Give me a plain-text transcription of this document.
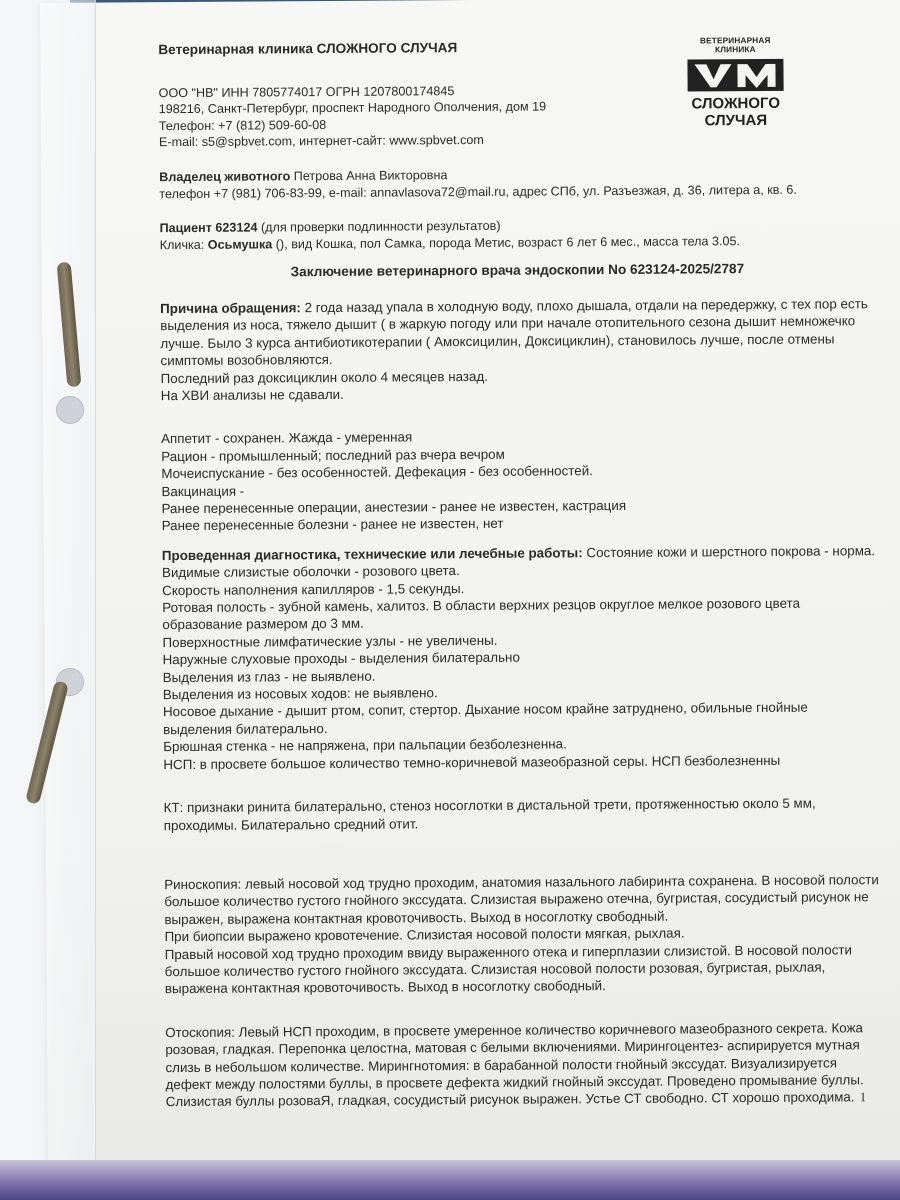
ВЕТЕРИНАРНАЯ КЛИНИКА
СЛОЖНОГО
СЛУЧАЯ

Ветеринарная клиника СЛОЖНОГО СЛУЧАЯ

ООО "НВ" ИНН 7805774017 ОГРН 1207800174845

198216, Санкт-Петербург, проспект Народного Ополчения, дом 19

Телефон: +7 (812) 509-60-08

E-mail: s5@spbvet.com, интернет-сайт: www.spbvet.com

Владелец животного Петрова Анна Викторовна

телефон +7 (981) 706-83-99, e-mail: annavlasova72@mail.ru, адрес СПб, ул. Разъезжая, д. 36, литера а, кв. 6.

Пациент 623124 (для проверки подлинности результатов)

Кличка: Осьмушка (), вид Кошка, пол Самка, порода Метис, возраст 6 лет 6 мес., масса тела 3.05.

Заключение ветеринарного врача эндоскопии No 623124-2025/2787

Причина обращения: 2 года назад упала в холодную воду, плохо дышала, отдали на передержку, с тех пор есть выделения из носа, тяжело дышит ( в жаркую погоду или при начале отопительного сезона дышит немножечко лучше. Было 3 курса антибиотикотерапии ( Амоксицилин, Доксициклин), становилось лучше, после отмены симптомы возобновляются.

Последний раз доксициклин около 4 месяцев назад.

На ХВИ анализы не сдавали.

Аппетит - сохранен. Жажда - умеренная

Рацион - промышленный; последний раз вчера вечром

Мочеиспускание - без особенностей. Дефекация - без особенностей.

Вакцинация -

Ранее перенесенные операции, анестезии - ранее не известен, кастрация

Ранее перенесенные болезни - ранее не известен, нет

Проведенная диагностика, технические или лечебные работы: Состояние кожи и шерстного покрова - норма.

Видимые слизистые оболочки - розового цвета.

Скорость наполнения капилляров - 1,5 секунды.

Ротовая полость - зубной камень, халитоз. В области верхних резцов округлое мелкое розового цвета образование размером до 3 мм.

Поверхностные лимфатические узлы - не увеличены.

Наружные слуховые проходы - выделения билатерально

Выделения из глаз - не выявлено.

Выделения из носовых ходов: не выявлено.

Носовое дыхание - дышит ртом, сопит, стертор. Дыхание носом крайне затруднено, обильные гнойные выделения билатерально.

Брюшная стенка - не напряжена, при пальпации безболезненна.

НСП: в просвете большое количество темно-коричневой мазеобразной серы. НСП безболезненны

КТ: признаки ринита билатерально, стеноз носоглотки в дистальной трети, протяженностью около 5 мм, проходимы. Билатерально средний отит.

Риноскопия: левый носовой ход трудно проходим, анатомия назального лабиринта сохранена. В носовой полости большое количество густого гнойного экссудата. Слизистая выражено отечна, бугристая, сосудистый рисунок не выражен, выражена контактная кровоточивость. Выход в носоглотку свободный.

При биопсии выражено кровотечение. Слизистая носовой полости мягкая, рыхлая.

Правый носовой ход трудно проходим ввиду выраженного отека и гиперплазии слизистой. В носовой полости большое количество густого гнойного экссудата. Слизистая носовой полости розовая, бугристая, рыхлая, выражена контактная кровоточивость. Выход в носоглотку свободный.

Отоскопия: Левый НСП проходим, в просвете умеренное количество коричневого мазеобразного секрета. Кожа розовая, гладкая. Перепонка целостна, матовая с белыми включениями. Мирингоцентез- аспирируется мутная слизь в небольшом количестве. Мирингнотомия: в барабанной полости гнойный экссудат. Визуализируется дефект между полостями буллы, в просвете дефекта жидкий гнойный экссудат. Проведено промывание буллы. Слизистая буллы розоваЯ, гладкая, сосудистый рисунок выражен. Устье СТ свободно. СТ хорошо проходима. 1
